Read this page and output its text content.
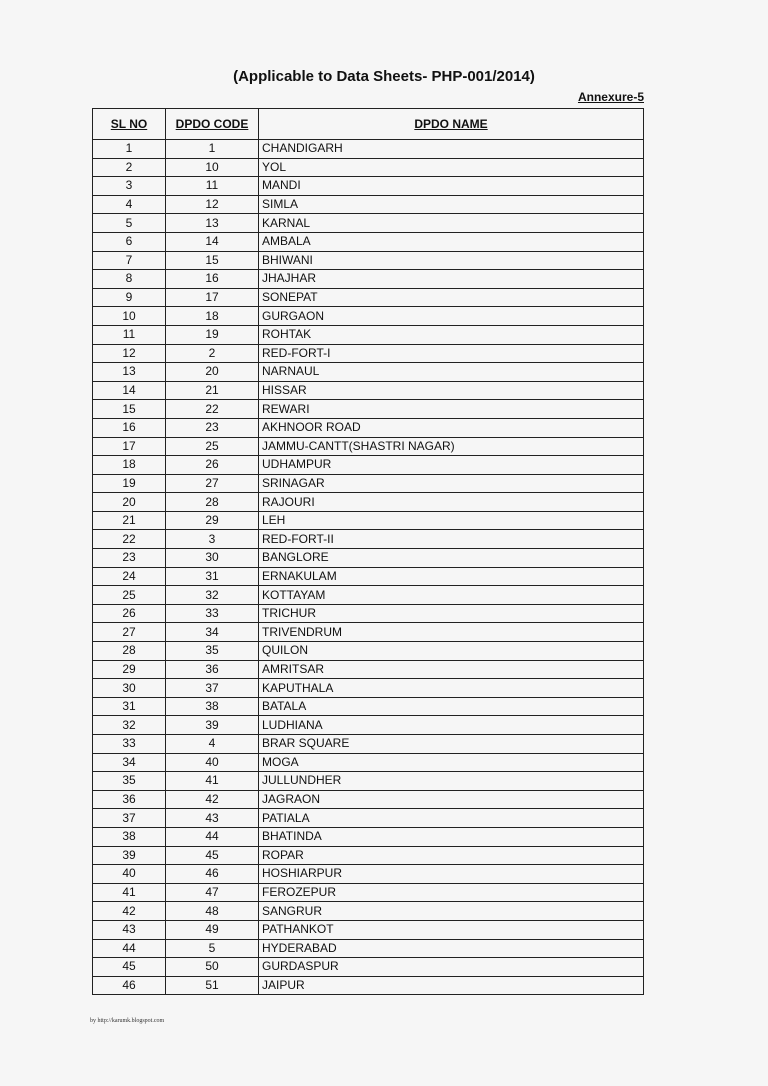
(Applicable to Data Sheets- PHP-001/2014)
Annexure-5
SL NO	DPDO CODE	DPDO NAME
1	1	CHANDIGARH
2	10	YOL
3	11	MANDI
4	12	SIMLA
5	13	KARNAL
6	14	AMBALA
7	15	BHIWANI
8	16	JHAJHAR
9	17	SONEPAT
10	18	GURGAON
11	19	ROHTAK
12	2	RED-FORT-I
13	20	NARNAUL
14	21	HISSAR
15	22	REWARI
16	23	AKHNOOR ROAD
17	25	JAMMU-CANTT(SHASTRI NAGAR)
18	26	UDHAMPUR
19	27	SRINAGAR
20	28	RAJOURI
21	29	LEH
22	3	RED-FORT-II
23	30	BANGLORE
24	31	ERNAKULAM
25	32	KOTTAYAM
26	33	TRICHUR
27	34	TRIVENDRUM
28	35	QUILON
29	36	AMRITSAR
30	37	KAPUTHALA
31	38	BATALA
32	39	LUDHIANA
33	4	BRAR SQUARE
34	40	MOGA
35	41	JULLUNDHER
36	42	JAGRAON
37	43	PATIALA
38	44	BHATINDA
39	45	ROPAR
40	46	HOSHIARPUR
41	47	FEROZEPUR
42	48	SANGRUR
43	49	PATHANKOT
44	5	HYDERABAD
45	50	GURDASPUR
46	51	JAIPUR
by http://karumk.blogspot.com
